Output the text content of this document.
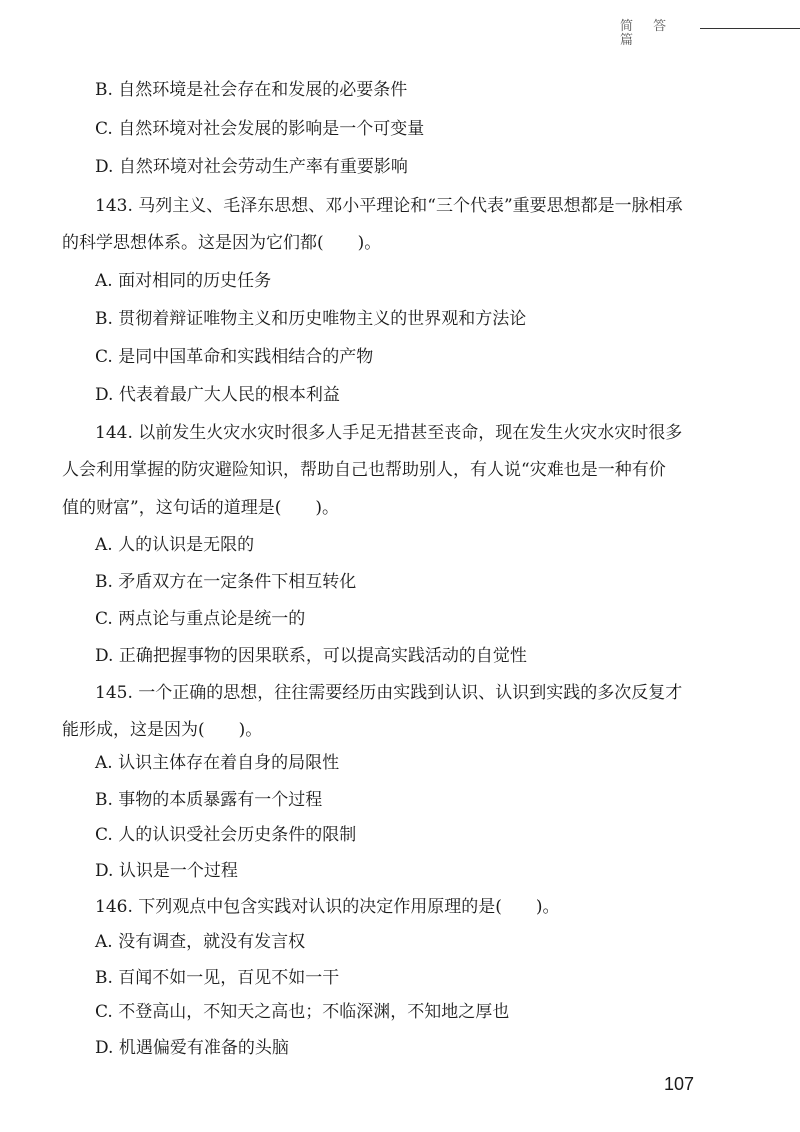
简 答 篇
B. 自然环境是社会存在和发展的必要条件
C. 自然环境对社会发展的影响是一个可变量
D. 自然环境对社会劳动生产率有重要影响
143. 马列主义、毛泽东思想、邓小平理论和“三个代表”重要思想都是一脉相承
的科学思想体系。这是因为它们都(　　)。
A. 面对相同的历史任务
B. 贯彻着辩证唯物主义和历史唯物主义的世界观和方法论
C. 是同中国革命和实践相结合的产物
D. 代表着最广大人民的根本利益
144. 以前发生火灾水灾时很多人手足无措甚至丧命，现在发生火灾水灾时很多
人会利用掌握的防灾避险知识，帮助自己也帮助别人，有人说“灾难也是一种有价
值的财富”，这句话的道理是(　　)。
A. 人的认识是无限的
B. 矛盾双方在一定条件下相互转化
C. 两点论与重点论是统一的
D. 正确把握事物的因果联系，可以提高实践活动的自觉性
145. 一个正确的思想，往往需要经历由实践到认识、认识到实践的多次反复才
能形成，这是因为(　　)。
A. 认识主体存在着自身的局限性
B. 事物的本质暴露有一个过程
C. 人的认识受社会历史条件的限制
D. 认识是一个过程
146. 下列观点中包含实践对认识的决定作用原理的是(　　)。
A. 没有调查，就没有发言权
B. 百闻不如一见，百见不如一干
C. 不登高山，不知天之高也；不临深渊，不知地之厚也
D. 机遇偏爱有准备的头脑
107
